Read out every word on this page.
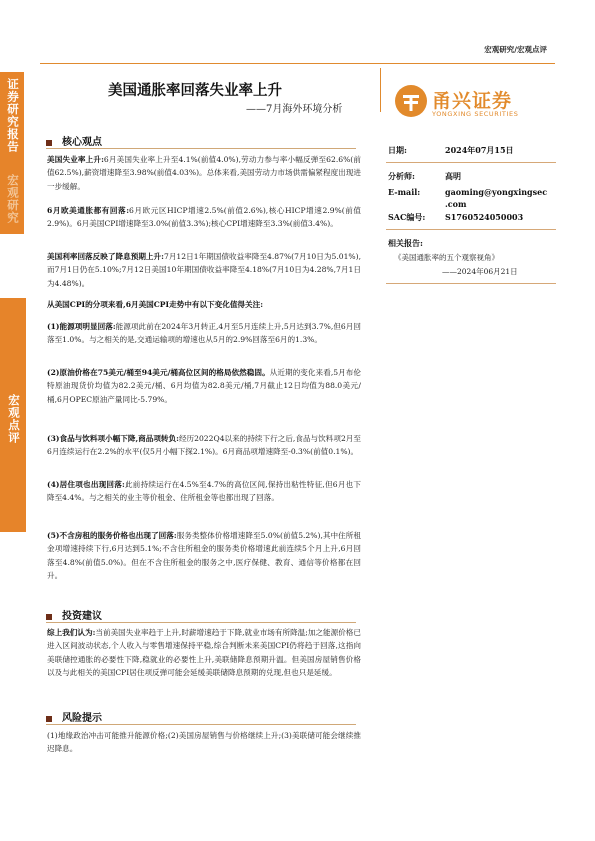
宏观研究/宏观点评
证券研究报告
宏观研究
宏观点评
美国通胀率回落失业率上升
——7月海外环境分析	甬兴证券
YONGXING SECURITIES
核心观点
美国失业率上升:6月美国失业率上升至4.1%(前值4.0%),劳动力参与率小幅反弹至62.6%(前值62.5%),薪资增速降至3.98%(前值4.03%)。总体来看,美国劳动力市场供需偏紧程度出现进一步缓解。
6月欧美通胀都有回落:6月欧元区HICP增速2.5%(前值2.6%),核心HICP增速2.9%(前值2.9%)。6月美国CPI增速降至3.0%(前值3.3%);核心CPI增速降至3.3%(前值3.4%)。
美国利率回落反映了降息预期上升:7月12日1年期国债收益率降至4.87%(7月10日为5.01%),而7月1日仍在5.10%;7月12日美国10年期国债收益率降至4.18%(7月10日为4.28%,7月1日为4.48%)。
从美国CPI的分项来看,6月美国CPI走势中有以下变化值得关注:
(1)能源项明显回落:能源项此前在2024年3月转正,4月至5月连续上升,5月达到3.7%,但6月回落至1.0%。与之相关的是,交通运输项的增速也从5月的2.9%回落至6月的1.3%。
(2)原油价格在75美元/桶至94美元/桶高位区间的格局依然稳固。从近期的变化来看,5月布伦特原油现货价均值为82.2美元/桶、6月均值为82.8美元/桶,7月截止12日均值为88.0美元/桶,6月OPEC原油产量同比-5.79%。
(3)食品与饮料项小幅下降,商品项转负:经历2022Q4以来的持续下行之后,食品与饮料项2月至6月连续运行在2.2%的水平(仅5月小幅下探2.1%)。6月商品项增速降至-0.3%(前值0.1%)。
(4)居住项也出现回落:此前持续运行在4.5%至4.7%的高位区间,保持出粘性特征,但6月也下降至4.4%。与之相关的业主等价租金、住所租金等也都出现了回落。
(5)不含房租的服务价格也出现了回落:服务类整体价格增速降至5.0%(前值5.2%),其中住所租金项增速持续下行,6月达到5.1%;不含住所租金的服务类价格增速此前连续5个月上升,6月回落至4.8%(前值5.0%)。但在不含住所租金的服务之中,医疗保健、教育、通信等价格都在回升。
投资建议
综上我们认为:当前美国失业率趋于上升,时薪增速趋于下降,就业市场有所降温;加之能源价格已进入区间波动状态,个人收入与零售增速保持平稳,综合判断未来美国CPI仍将趋于回落,这指向美联储控通胀的必要性下降,稳就业的必要性上升,美联储降息预期升温。但美国房屋销售价格以及与此相关的美国CPI居住项反弹可能会延缓美联储降息预期的兑现,但也只是延缓。
风险提示
(1)地缘政治冲击可能推升能源价格;(2)美国房屋销售与价格继续上升;(3)美联储可能会继续推迟降息。
日期:	2024年07月15日
分析师:	高明
E-mail:	gaoming@yongxingsec
.com
SAC编号: S1760524050003
相关报告:
《美国通胀率的五个观察视角》
——2024年06月21日
